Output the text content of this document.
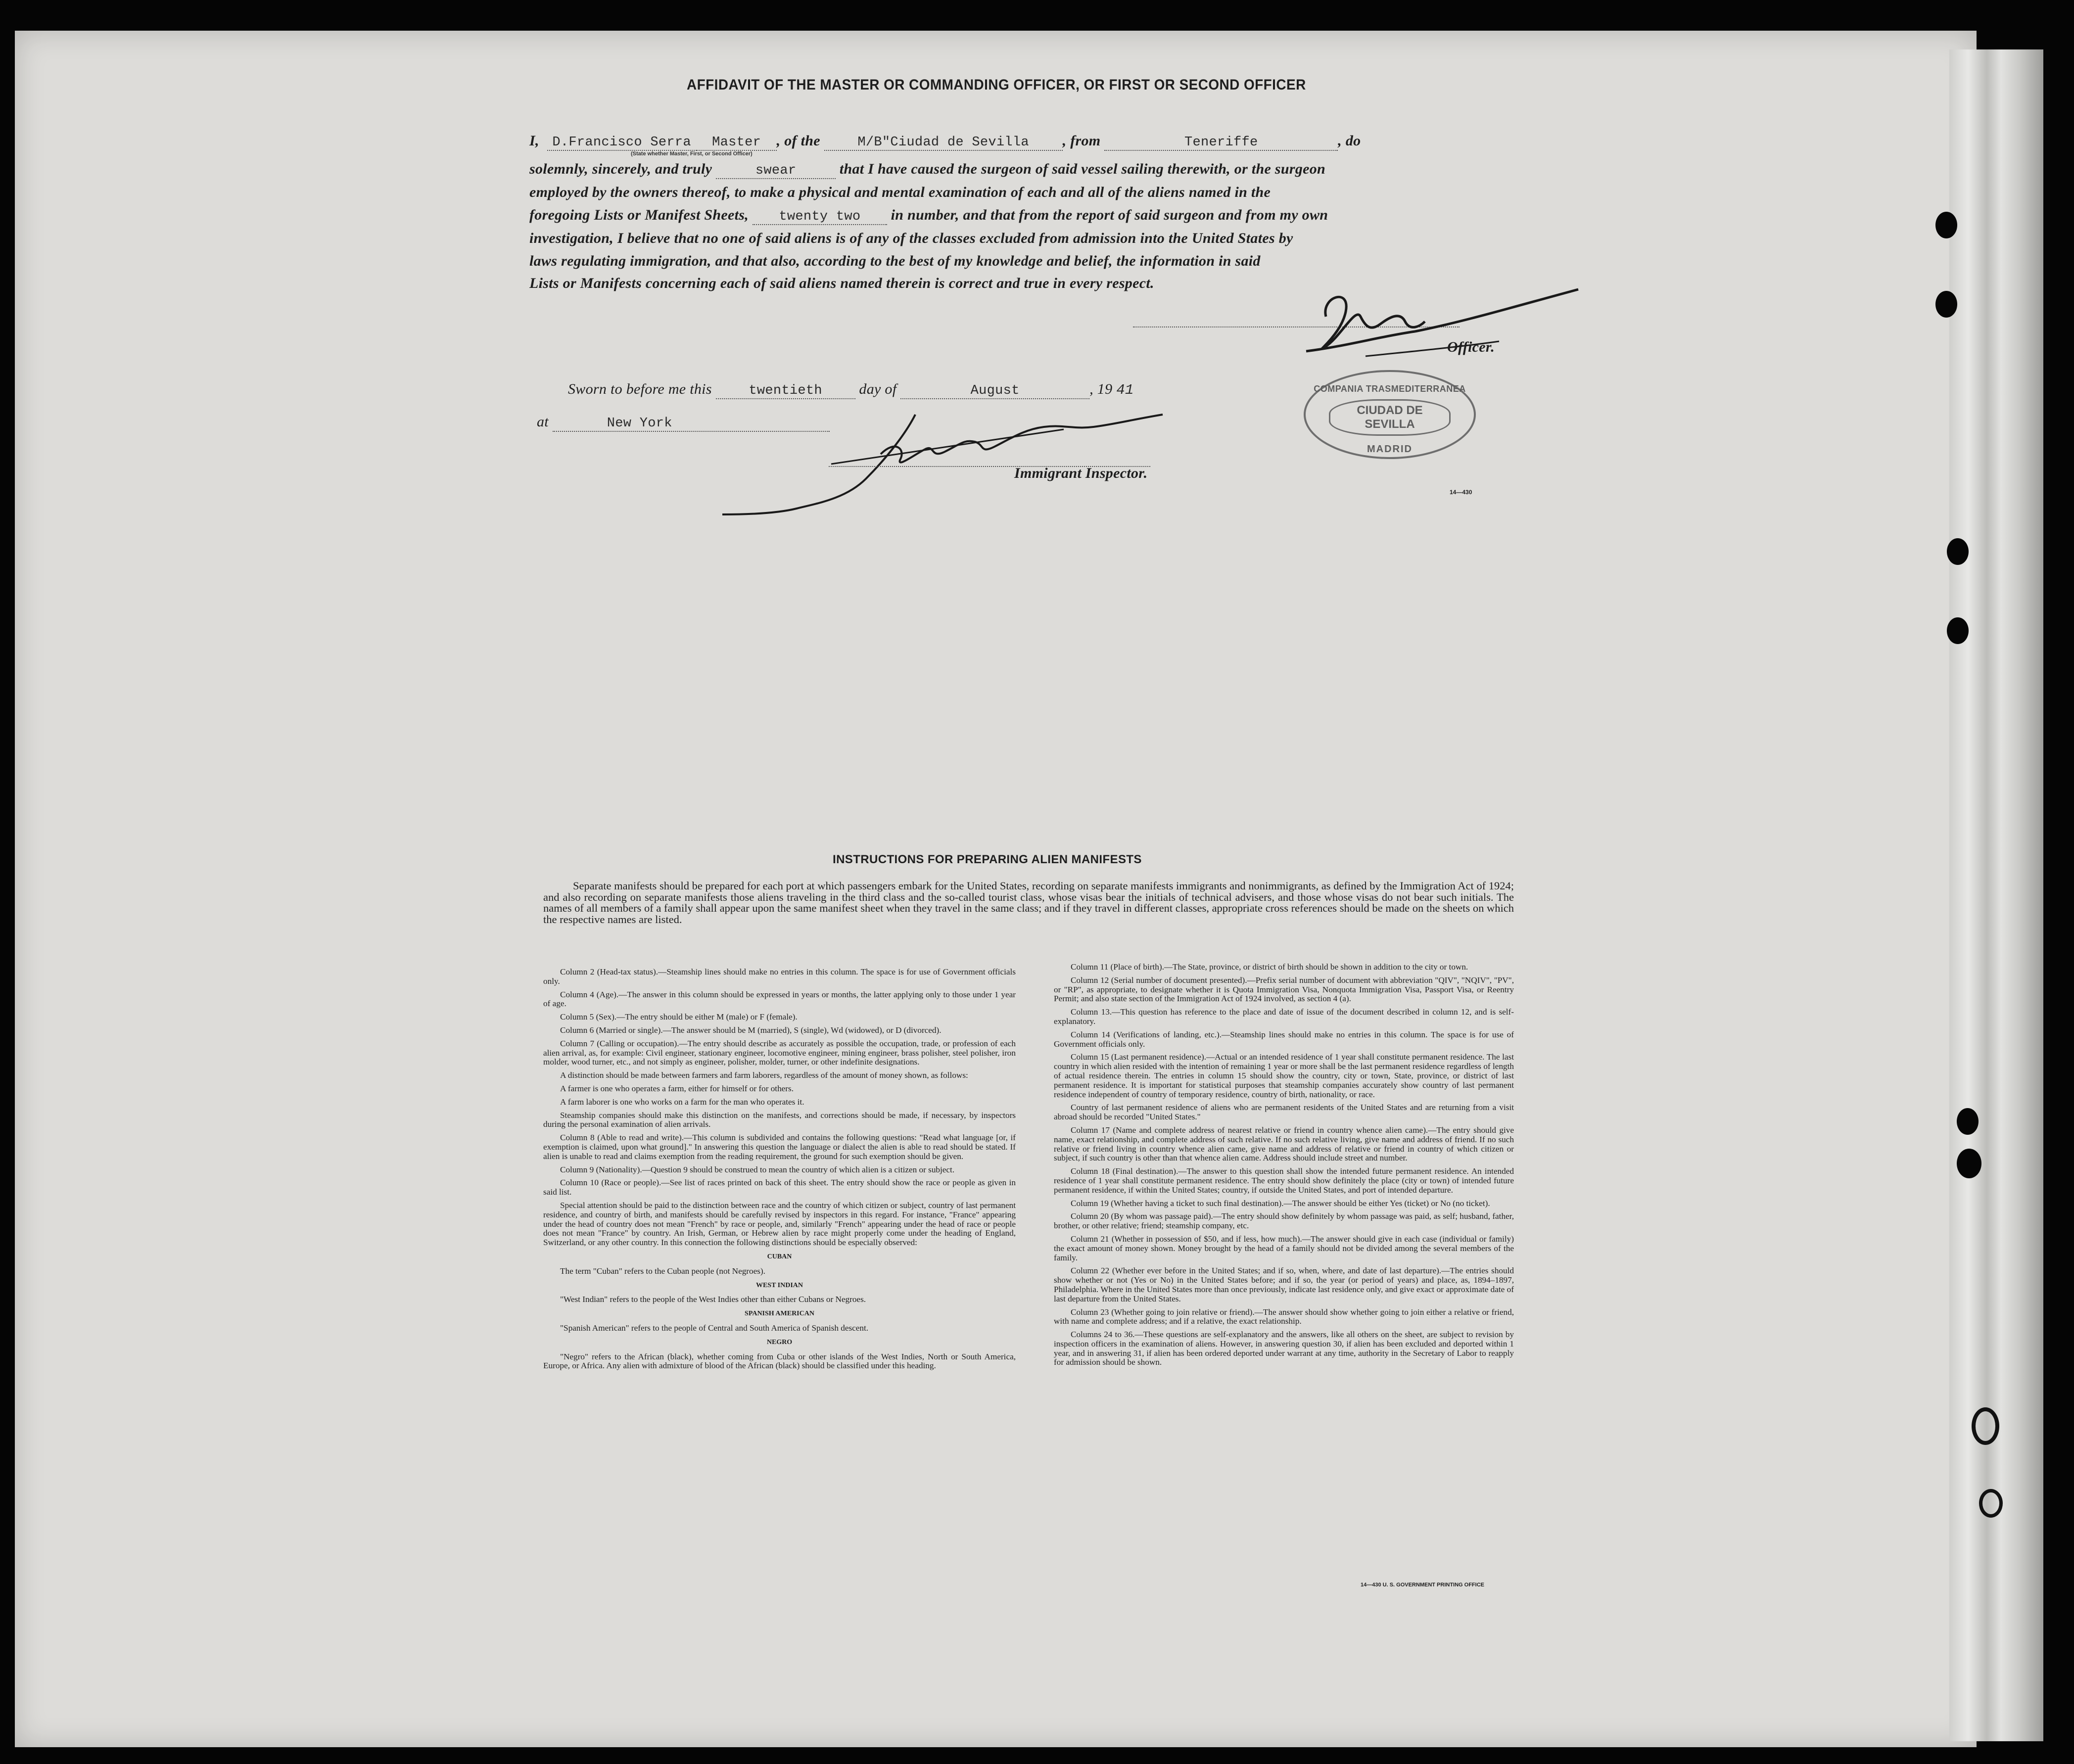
AFFIDAVIT OF THE MASTER OR COMMANDING OFFICER, OR FIRST OR SECOND OFFICER
I, D.Francisco Serra Master , of the	M/B"Ciudad de Sevilla , from	Teneriffe	, do
(State whether Master, First, or Second Officer)
solemnly, sincerely, and truly	swear	that I have caused the surgeon of said vessel sailing therewith, or the surgeon
employed by the owners thereof, to make a physical and mental examination of each and all of the aliens named in the
foregoing Lists or Manifest Sheets, twenty two in number, and that from the report of said surgeon and from my own
investigation, I believe that no one of said aliens is of any of the classes excluded from admission into the United States by
laws regulating immigration, and that also, according to the best of my knowledge and belief, the information in said
Lists or Manifests concerning each of said aliens named therein is correct and true in every respect.
Officer.
Sworn to before me this	twentieth day of	August	, 19 41
at	New York
Immigrant Inspector.
14—430
COMPANIA TRASMEDITERRANEA
CIUDAD DE SEVILLA
MADRID
INSTRUCTIONS FOR PREPARING ALIEN MANIFESTS
Separate manifests should be prepared for each port at which passengers embark for the United States, recording on separate manifests immigrants and nonimmigrants, as defined by the Immigration Act of 1924; and also recording on separate manifests those aliens traveling in the third class and the so-called tourist class, whose visas bear the initials of technical advisers, and those whose visas do not bear such initials. The names of all members of a family shall appear upon the same manifest sheet when they travel in the same class; and if they travel in different classes, appropriate cross references should be made on the sheets on which the respective names are listed.

Column 2 (Head-tax status).—Steamship lines should make no entries in this column. The space is for use of Government officials only.

Column 4 (Age).—The answer in this column should be expressed in years or months, the latter applying only to those under 1 year of age.

Column 5 (Sex).—The entry should be either M (male) or F (female).

Column 6 (Married or single).—The answer should be M (married), S (single), Wd (widowed), or D (divorced).

Column 7 (Calling or occupation).—The entry should describe as accurately as possible the occupation, trade, or profession of each alien arrival, as, for example: Civil engineer, stationary engineer, locomotive engineer, mining engineer, brass polisher, steel polisher, iron molder, wood turner, etc., and not simply as engineer, polisher, molder, turner, or other indefinite designations.

A distinction should be made between farmers and farm laborers, regardless of the amount of money shown, as follows:

A farmer is one who operates a farm, either for himself or for others.

A farm laborer is one who works on a farm for the man who operates it.

Steamship companies should make this distinction on the manifests, and corrections should be made, if necessary, by inspectors during the personal examination of alien arrivals.

Column 8 (Able to read and write).—This column is subdivided and contains the following questions: "Read what language [or, if exemption is claimed, upon what ground]." In answering this question the language or dialect the alien is able to read should be stated. If alien is unable to read and claims exemption from the reading requirement, the ground for such exemption should be given.

Column 9 (Nationality).—Question 9 should be construed to mean the country of which alien is a citizen or subject.

Column 10 (Race or people).—See list of races printed on back of this sheet. The entry should show the race or people as given in said list.

Special attention should be paid to the distinction between race and the country of which citizen or subject, country of last permanent residence, and country of birth, and manifests should be carefully revised by inspectors in this regard. For instance, "France" appearing under the head of country does not mean "French" by race or people, and, similarly "French" appearing under the head of race or people does not mean "France" by country. An Irish, German, or Hebrew alien by race might properly come under the heading of England, Switzerland, or any other country. In this connection the following distinctions should be especially observed:

CUBAN

The term "Cuban" refers to the Cuban people (not Negroes).

WEST INDIAN

"West Indian" refers to the people of the West Indies other than either Cubans or Negroes.

SPANISH AMERICAN

"Spanish American" refers to the people of Central and South America of Spanish descent.

NEGRO

"Negro" refers to the African (black), whether coming from Cuba or other islands of the West Indies, North or South America, Europe, or Africa. Any alien with admixture of blood of the African (black) should be classified under this heading.

Column 11 (Place of birth).—The State, province, or district of birth should be shown in addition to the city or town.

Column 12 (Serial number of document presented).—Prefix serial number of document with abbreviation "QIV", "NQIV", "PV", or "RP", as appropriate, to designate whether it is Quota Immigration Visa, Nonquota Immigration Visa, Passport Visa, or Reentry Permit; and also state section of the Immigration Act of 1924 involved, as section 4 (a).

Column 13.—This question has reference to the place and date of issue of the document described in column 12, and is self-explanatory.

Column 14 (Verifications of landing, etc.).—Steamship lines should make no entries in this column. The space is for use of Government officials only.

Column 15 (Last permanent residence).—Actual or an intended residence of 1 year shall constitute permanent residence. The last country in which alien resided with the intention of remaining 1 year or more shall be the last permanent residence regardless of length of actual residence therein. The entries in column 15 should show the country, city or town, State, province, or district of last permanent residence. It is important for statistical purposes that steamship companies accurately show country of last permanent residence independent of country of temporary residence, country of birth, nationality, or race.

Country of last permanent residence of aliens who are permanent residents of the United States and are returning from a visit abroad should be recorded "United States."

Column 17 (Name and complete address of nearest relative or friend in country whence alien came).—The entry should give name, exact relationship, and complete address of such relative. If no such relative living, give name and address of friend. If no such relative or friend living in country whence alien came, give name and address of relative or friend in country of which citizen or subject, if such country is other than that whence alien came. Address should include street and number.

Column 18 (Final destination).—The answer to this question shall show the intended future permanent residence. An intended residence of 1 year shall constitute permanent residence. The entry should show definitely the place (city or town) of intended future permanent residence, if within the United States; country, if outside the United States, and port of intended departure.

Column 19 (Whether having a ticket to such final destination).—The answer should be either Yes (ticket) or No (no ticket).

Column 20 (By whom was passage paid).—The entry should show definitely by whom passage was paid, as self; husband, father, brother, or other relative; friend; steamship company, etc.

Column 21 (Whether in possession of $50, and if less, how much).—The answer should give in each case (individual or family) the exact amount of money shown. Money brought by the head of a family should not be divided among the several members of the family.

Column 22 (Whether ever before in the United States; and if so, when, where, and date of last departure).—The entries should show whether or not (Yes or No) in the United States before; and if so, the year (or period of years) and place, as, 1894–1897, Philadelphia. Where in the United States more than once previously, indicate last residence only, and give exact or approximate date of last departure from the United States.

Column 23 (Whether going to join relative or friend).—The answer should show whether going to join either a relative or friend, with name and complete address; and if a relative, the exact relationship.

Columns 24 to 36.—These questions are self-explanatory and the answers, like all others on the sheet, are subject to revision by inspection officers in the examination of aliens. However, in answering question 30, if alien has been excluded and deported within 1 year, and in answering 31, if alien has been ordered deported under warrant at any time, authority in the Secretary of Labor to reapply for admission should be shown.

14—430 U. S. GOVERNMENT PRINTING OFFICE
